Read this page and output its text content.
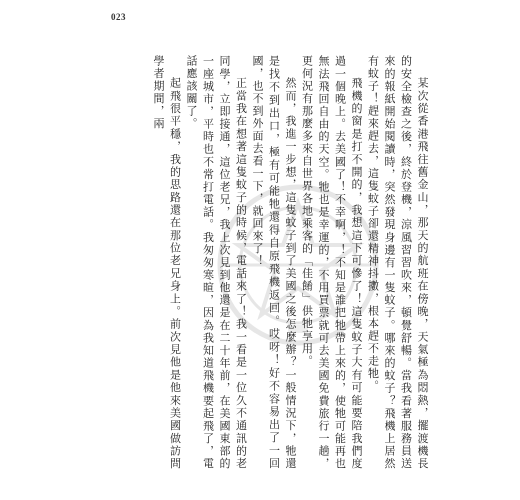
023

某次從香港飛往舊金山，那天的航班在傍晚，天氣極為悶熱，擺渡機長的安全檢查之後，終於登機，涼風習習吹來，頓覺舒暢。當我看著服務員送來的報紙開始閱讀時，突然發現身邊有一隻蚊子。哪來的蚊子？飛機上居然有蚊子！趕來趕去，這隻蚊子卻還精神抖擻，根本趕不走牠。

飛機的窗是打不開的，我想這下可慘了！這隻蚊子大有可能要陪我們度過一個晚上。去美國了！不幸啊，！不知是誰把牠帶上來的，使牠可能再也無法飛回自由的天空。牠也是幸運的，不用買票就可去美國免費旅行一趟，更何況有那麼多來自世界各地乘客的「佳餚」供牠享用。

然而，我進一步想，這隻蚊子到了美國之後怎麼辦？一般情況下，牠還是找不到出口，極有可能牠還得自原飛機返回。哎呀！好不容易出了一回國，也不到外面去看一下，就回來了！

正當我在想著這隻蚊子的時候，電話來了！我一看是一位久不通訊的老同學，立即接通，這位老兄，我上次見到他還是在二十年前，在美國東部的一座城市，平時也不常打電話。我匆匆寒暄，因為我知道飛機要起飛了，電話應該關了。

起飛很平穩，我的思路還在那位老兄身上。前次見他是他來美國做訪問學者期間，兩
